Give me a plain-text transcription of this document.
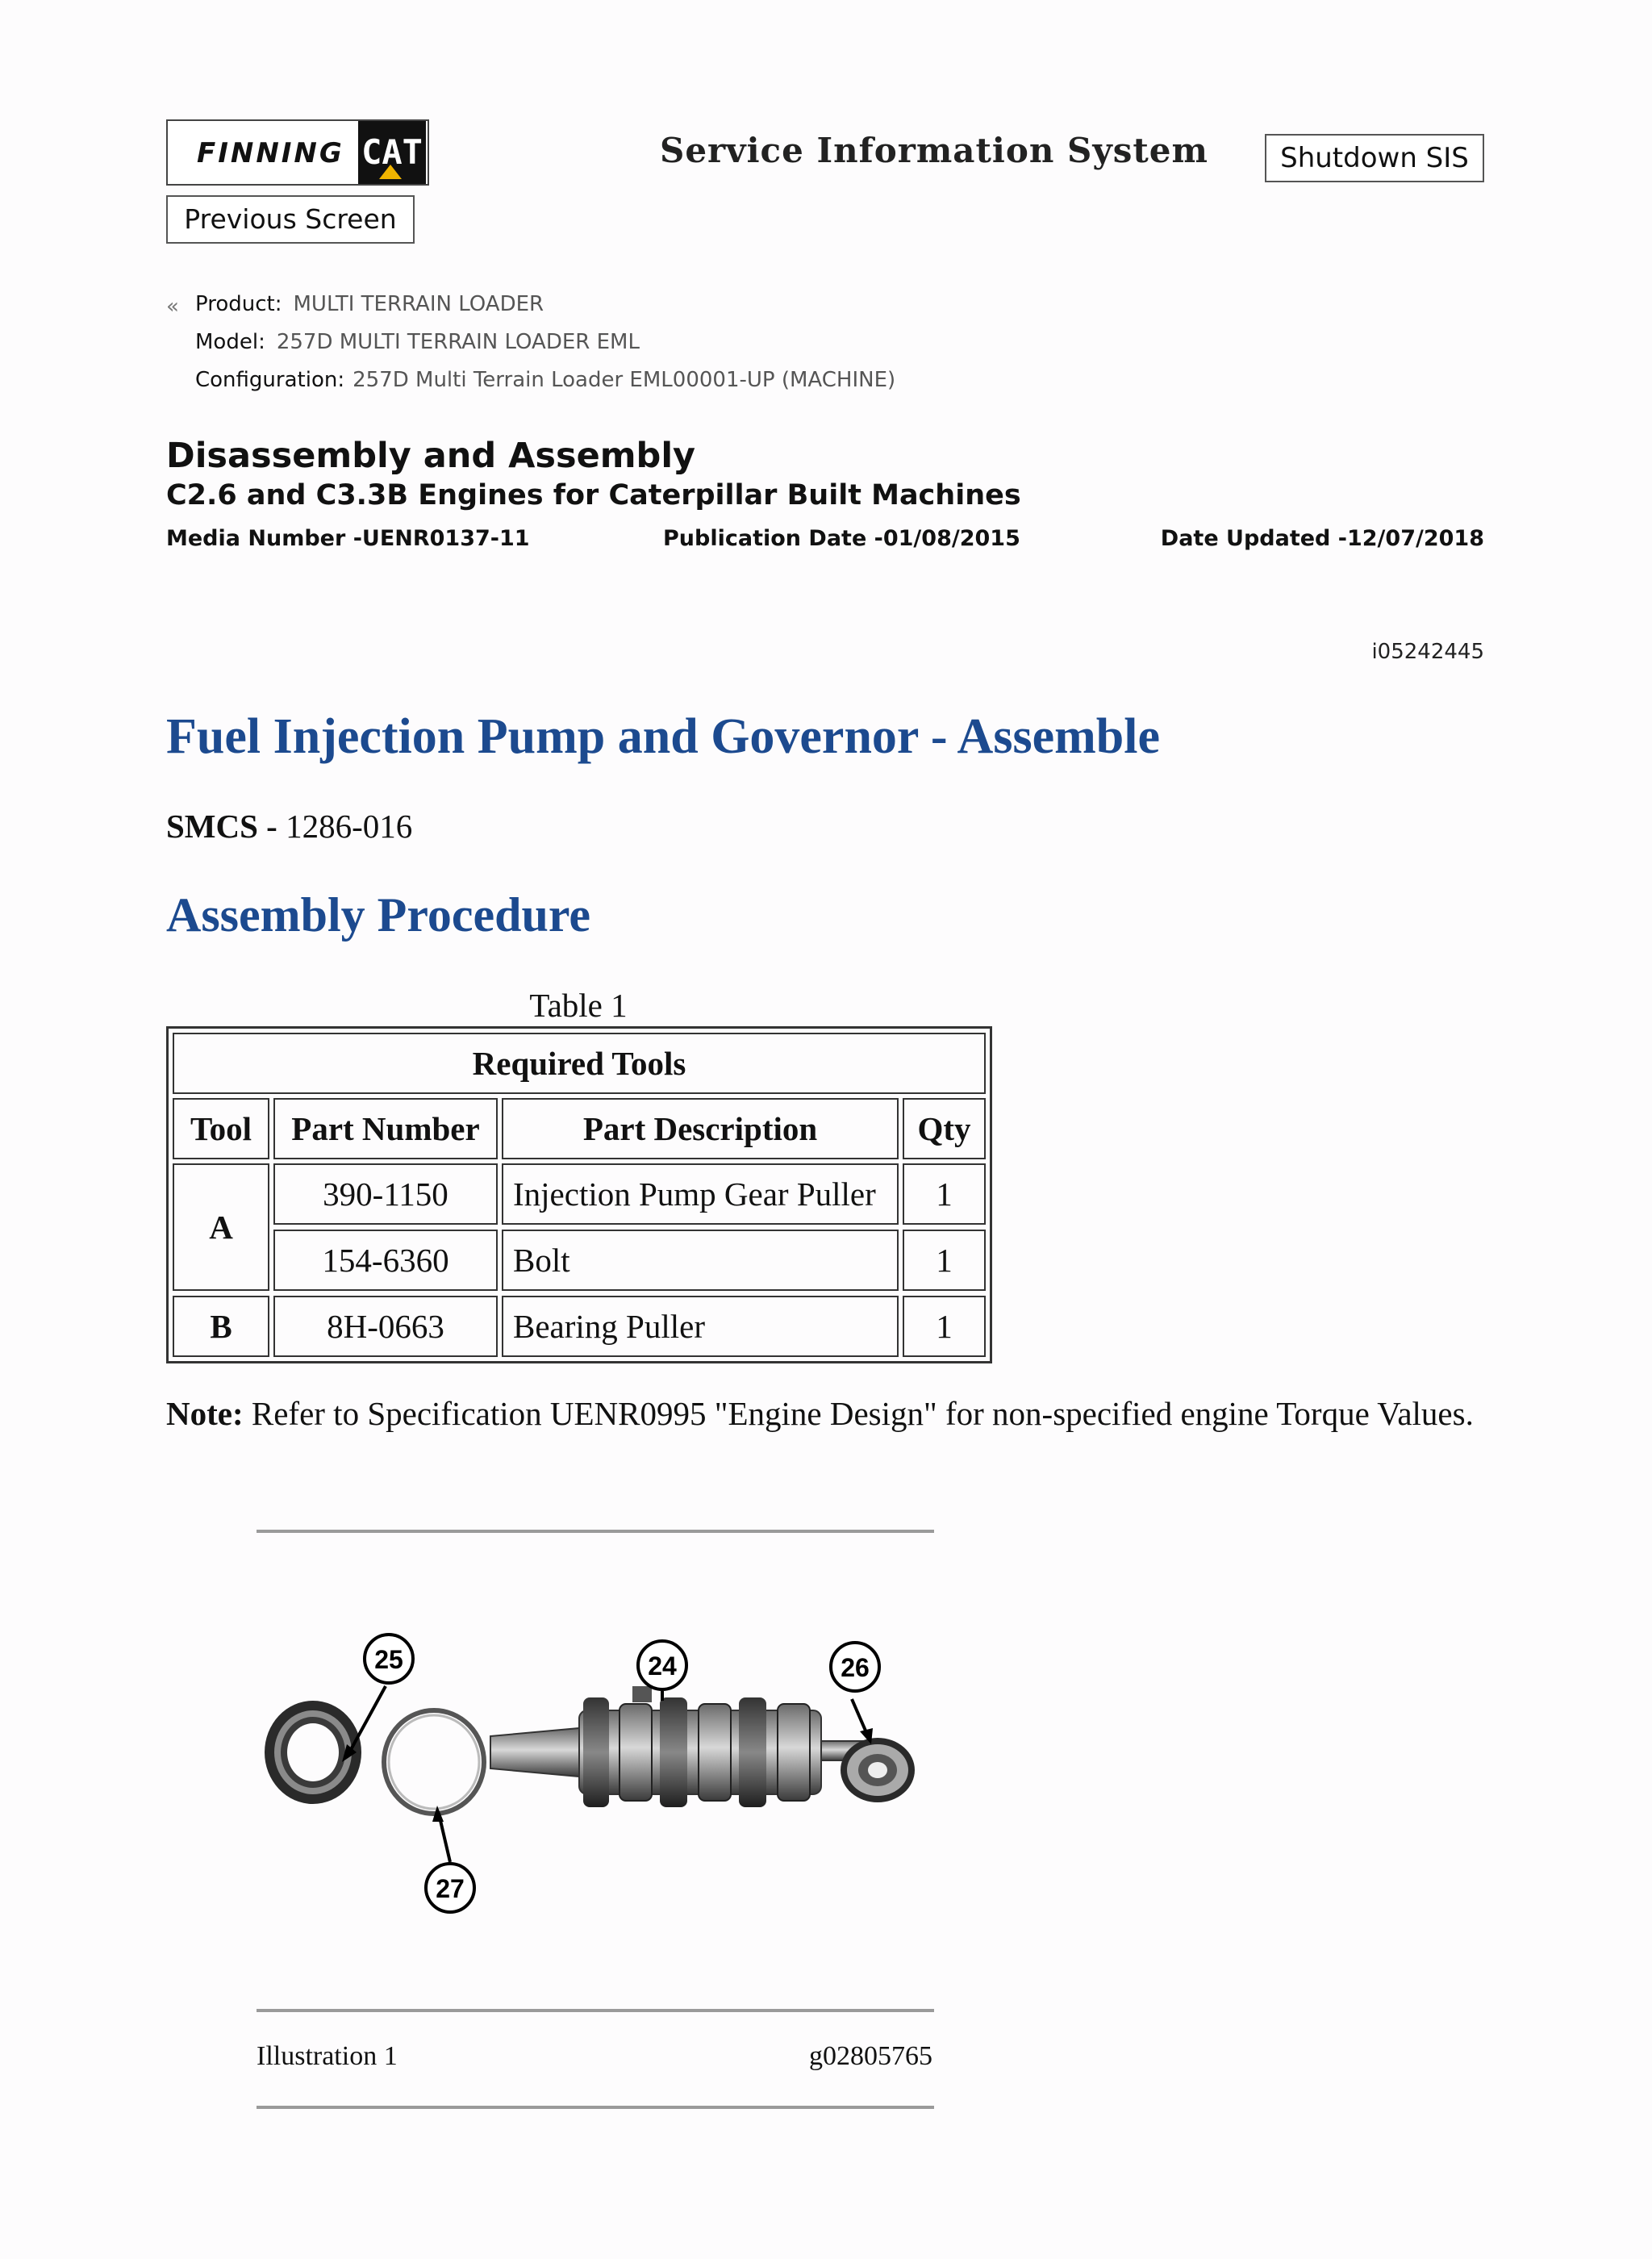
FINNING CAT	Service Information System	Shutdown SIS
Previous Screen
« Product: MULTI TERRAIN LOADER
Model: 257D MULTI TERRAIN LOADER EML
Configuration: 257D Multi Terrain Loader EML00001-UP (MACHINE)
Disassembly and Assembly
C2.6 and C3.3B Engines for Caterpillar Built Machines
Media Number -UENR0137-11	Publication Date -01/08/2015	Date Updated -12/07/2018
i05242445
Fuel Injection Pump and Governor - Assemble
SMCS - 1286-016
Assembly Procedure
Table 1
Required Tools
Tool	Part Number	Part Description	Qty
A
390-1150	Injection Pump Gear Puller	1
154-6360	Bolt	1
B	8H-0663	Bearing Puller	1
Note: Refer to Specification UENR0995 "Engine Design" for non-specified engine Torque Values.
25	24	26
27
Illustration 1	g02805765
